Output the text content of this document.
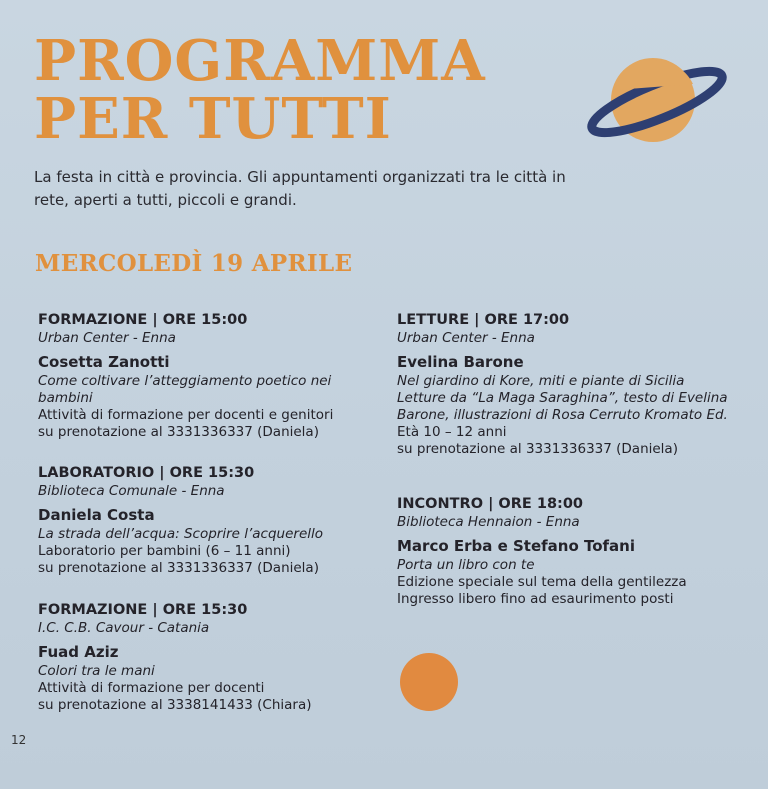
PROGRAMMA
PER TUTTI

La festa in città e provincia. Gli appuntamenti organizzati tra le città in rete, aperti a tutti, piccoli e grandi.

MERCOLEDÌ 19 APRILE
FORMAZIONE | ORE 15:00
Urban Center - Enna
Cosetta Zanotti
Come coltivare l’atteggiamento poetico nei bambini
Attività di formazione per docenti e genitori
su prenotazione al 3331336337 (Daniela)
LABORATORIO | ORE 15:30
Biblioteca Comunale - Enna
Daniela Costa
La strada dell’acqua: Scoprire l’acquerello
Laboratorio per bambini (6 – 11 anni)
su prenotazione al 3331336337 (Daniela)
FORMAZIONE | ORE 15:30
I.C. C.B. Cavour - Catania
Fuad Aziz
Colori tra le mani
Attività di formazione per docenti
su prenotazione al 3338141433 (Chiara)
LETTURE | ORE 17:00
Urban Center - Enna
Evelina Barone
Nel giardino di Kore, miti e piante di Sicilia Letture da “La Maga Saraghina”, testo di Evelina Barone, illustrazioni di Rosa Cerruto Kromato Ed.
Età 10 – 12 anni
su prenotazione al 3331336337 (Daniela)
INCONTRO | ORE 18:00
Biblioteca Hennaion - Enna
Marco Erba e Stefano Tofani
Porta un libro con te
Edizione speciale sul tema della gentilezza
Ingresso libero fino ad esaurimento posti
12
